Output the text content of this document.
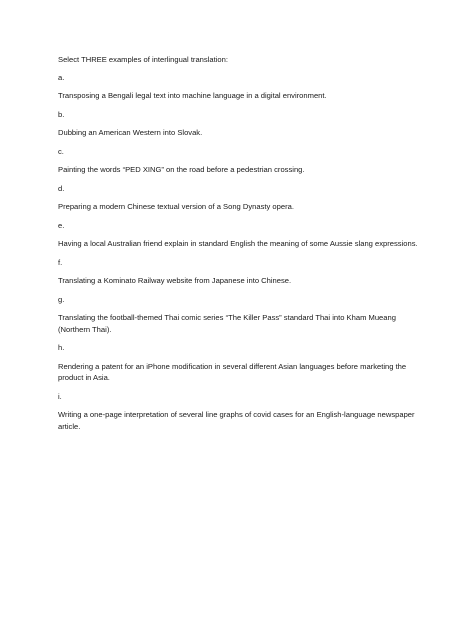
Select THREE examples of interlingual translation:

a.

Transposing a Bengali legal text into machine language in a digital environment.

b.

Dubbing an American Western into Slovak.

c.

Painting the words “PED XING” on the road before a pedestrian crossing.

d.

Preparing a modern Chinese textual version of a Song Dynasty opera.

e.

Having a local Australian friend explain in standard English the meaning of some Aussie slang expressions.

f.

Translating a Kominato Railway website from Japanese into Chinese.

g.

Translating the football-themed Thai comic series “The Killer Pass” standard Thai into Kham Mueang (Northern Thai).

h.

Rendering a patent for an iPhone modification in several different Asian languages before marketing the product in Asia.

i.

Writing a one-page interpretation of several line graphs of covid cases for an English-language newspaper article.
